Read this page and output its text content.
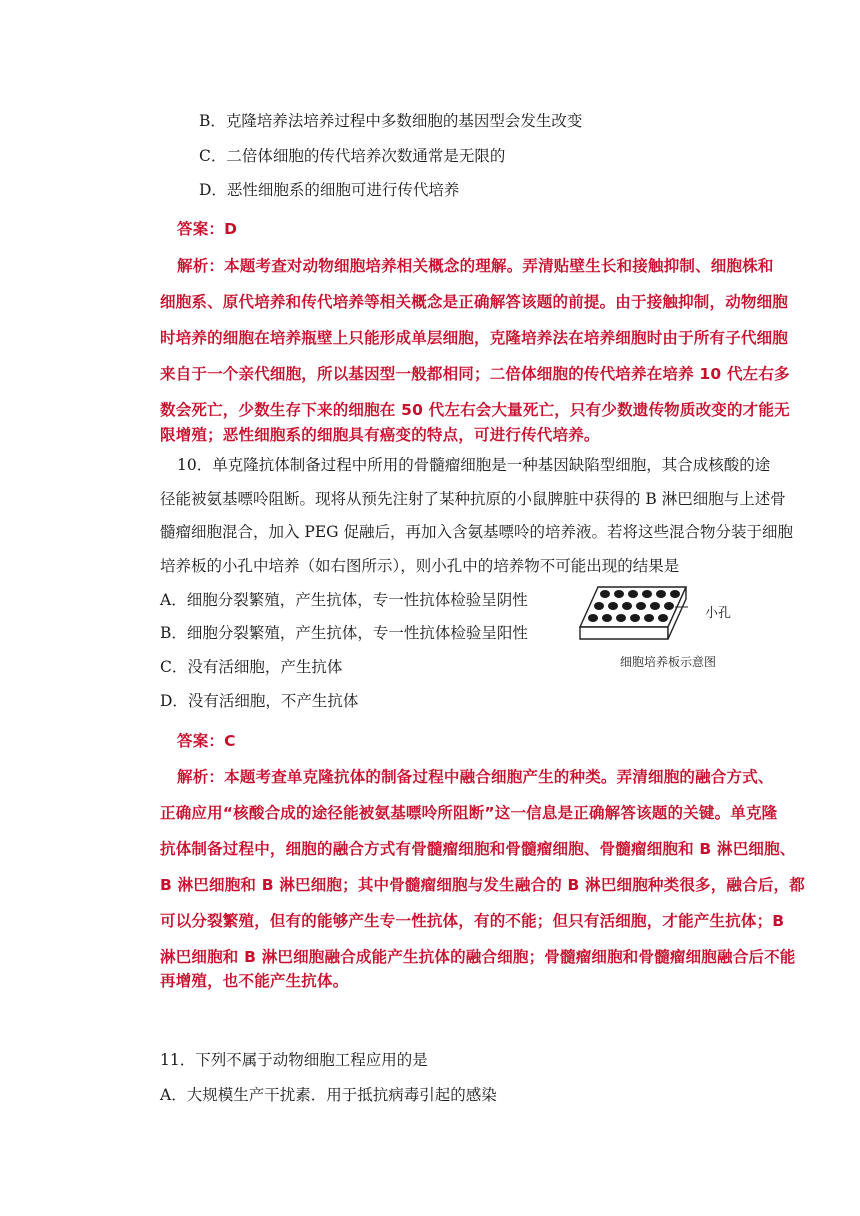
B．克隆培养法培养过程中多数细胞的基因型会发生改变
C．二倍体细胞的传代培养次数通常是无限的
D．恶性细胞系的细胞可进行传代培养
答案：D
解析：本题考查对动物细胞培养相关概念的理解。弄清贴壁生长和接触抑制、细胞株和
细胞系、原代培养和传代培养等相关概念是正确解答该题的前提。由于接触抑制，动物细胞
时培养的细胞在培养瓶壁上只能形成单层细胞，克隆培养法在培养细胞时由于所有子代细胞
来自于一个亲代细胞，所以基因型一般都相同；二倍体细胞的传代培养在培养 10 代左右多
数会死亡，少数生存下来的细胞在 50 代左右会大量死亡，只有少数遗传物质改变的才能无
限增殖；恶性细胞系的细胞具有癌变的特点，可进行传代培养。
10．单克隆抗体制备过程中所用的骨髓瘤细胞是一种基因缺陷型细胞，其合成核酸的途
径能被氨基嘌呤阻断。现将从预先注射了某种抗原的小鼠脾脏中获得的 B 淋巴细胞与上述骨
髓瘤细胞混合，加入 PEG 促融后，再加入含氨基嘌呤的培养液。若将这些混合物分装于细胞
培养板的小孔中培养（如右图所示），则小孔中的培养物不可能出现的结果是
A．细胞分裂繁殖，产生抗体，专一性抗体检验呈阴性
B．细胞分裂繁殖，产生抗体，专一性抗体检验呈阳性
C．没有活细胞，产生抗体
D．没有活细胞，不产生抗体
小孔
细胞培养板示意图
答案：C
解析：本题考查单克隆抗体的制备过程中融合细胞产生的种类。弄清细胞的融合方式、
正确应用“核酸合成的途径能被氨基嘌呤所阻断”这一信息是正确解答该题的关键。单克隆
抗体制备过程中，细胞的融合方式有骨髓瘤细胞和骨髓瘤细胞、骨髓瘤细胞和 B 淋巴细胞、
B 淋巴细胞和 B 淋巴细胞；其中骨髓瘤细胞与发生融合的 B 淋巴细胞种类很多，融合后，都
可以分裂繁殖，但有的能够产生专一性抗体，有的不能；但只有活细胞，才能产生抗体；B
淋巴细胞和 B 淋巴细胞融合成能产生抗体的融合细胞；骨髓瘤细胞和骨髓瘤细胞融合后不能
再增殖，也不能产生抗体。
11．下列不属于动物细胞工程应用的是
A．大规模生产干扰素．用于抵抗病毒引起的感染
